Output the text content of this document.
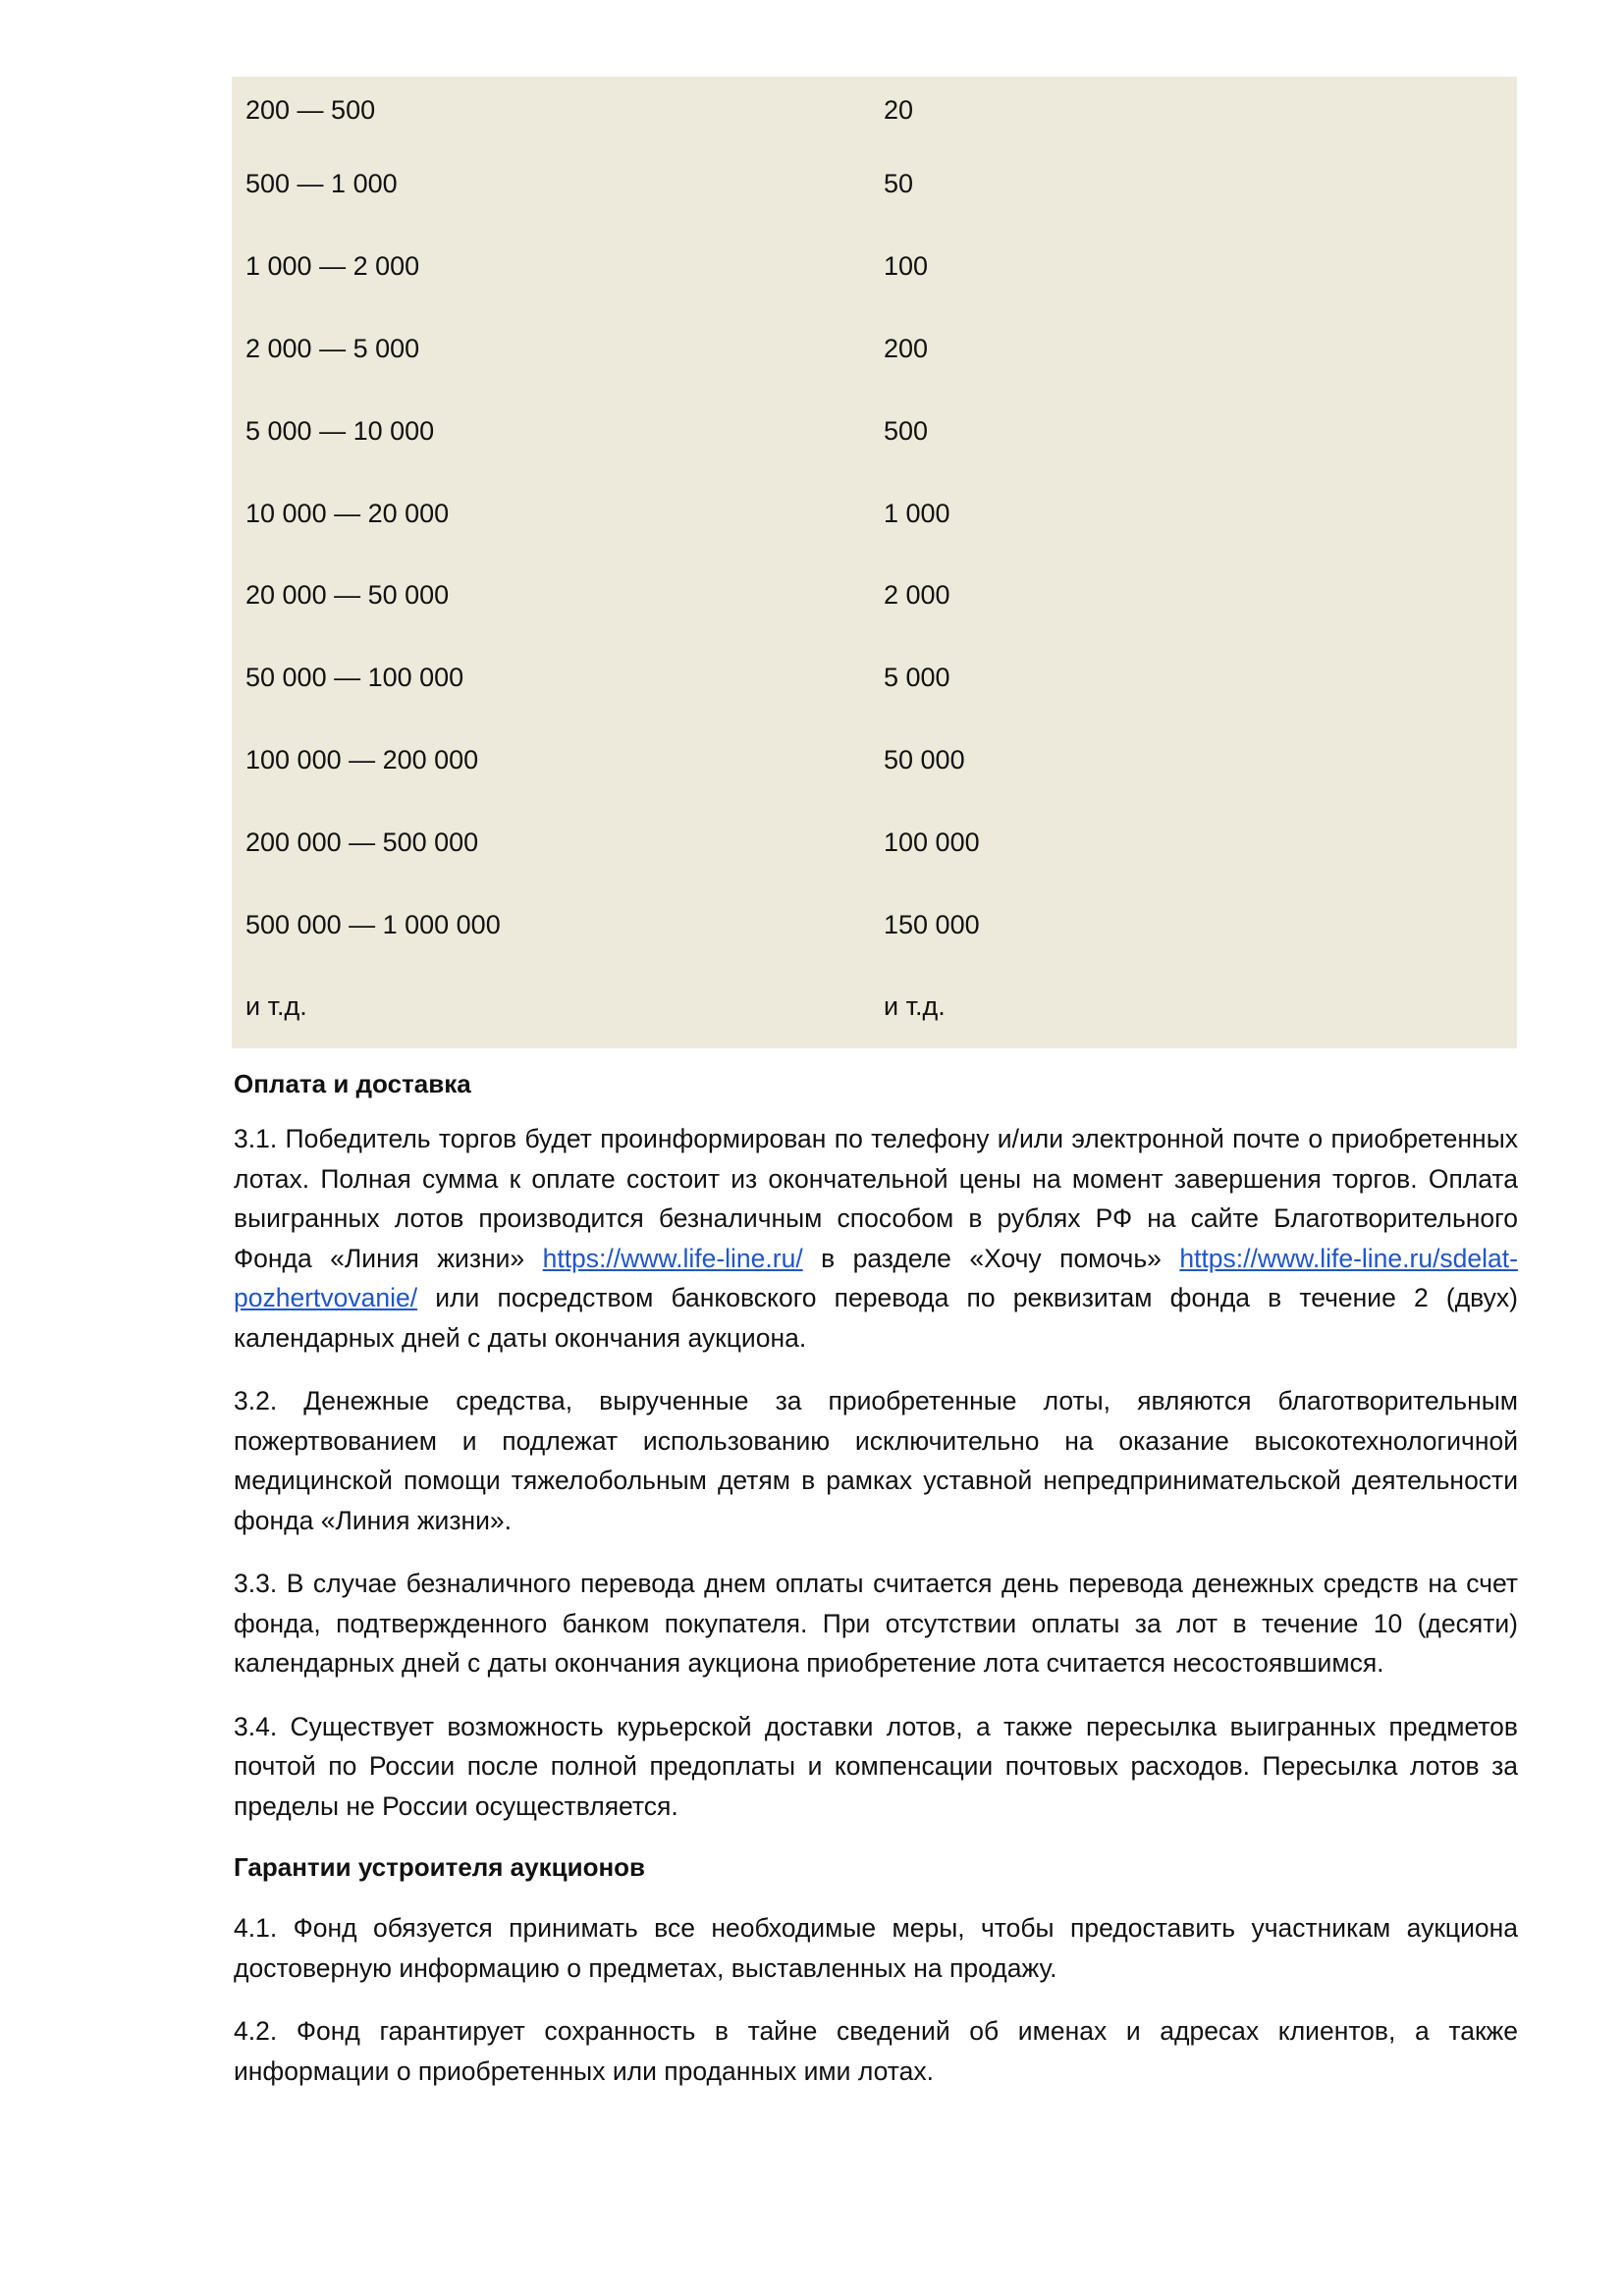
200 — 500	20
500 — 1 000	50
1 000 — 2 000	100
2 000 — 5 000	200
5 000 — 10 000	500
10 000 — 20 000	1 000
20 000 — 50 000	2 000
50 000 — 100 000	5 000
100 000 — 200 000	50 000
200 000 — 500 000	100 000
500 000 — 1 000 000	150 000
и т.д.	и т.д.

Оплата и доставка

3.1. Победитель торгов будет проинформирован по телефону и/или электронной почте о приобретенных лотах. Полная сумма к оплате состоит из окончательной цены на момент завершения торгов. Оплата выигранных лотов производится безналичным способом в рублях РФ на сайте Благотворительного Фонда «Линия жизни» https://www.life-line.ru/ в разделе «Хочу помочь» https://www.life-line.ru/sdelat-pozhertvovanie/ или посредством банковского перевода по реквизитам фонда в течение 2 (двух) календарных дней с даты окончания аукциона.

3.2. Денежные средства, вырученные за приобретенные лоты, являются благотворительным пожертвованием и подлежат использованию исключительно на оказание высокотехнологичной медицинской помощи тяжелобольным детям в рамках уставной непредпринимательской деятельности фонда «Линия жизни».

3.3. В случае безналичного перевода днем оплаты считается день перевода денежных средств на счет фонда, подтвержденного банком покупателя. При отсутствии оплаты за лот в течение 10 (десяти) календарных дней с даты окончания аукциона приобретение лота считается несостоявшимся.

3.4. Существует возможность курьерской доставки лотов, а также пересылка выигранных предметов почтой по России после полной предоплаты и компенсации почтовых расходов. Пересылка лотов за пределы не России осуществляется.

Гарантии устроителя аукционов

4.1. Фонд обязуется принимать все необходимые меры, чтобы предоставить участникам аукциона достоверную информацию о предметах, выставленных на продажу.

4.2. Фонд гарантирует сохранность в тайне сведений об именах и адресах клиентов, а также информации о приобретенных или проданных ими лотах.
